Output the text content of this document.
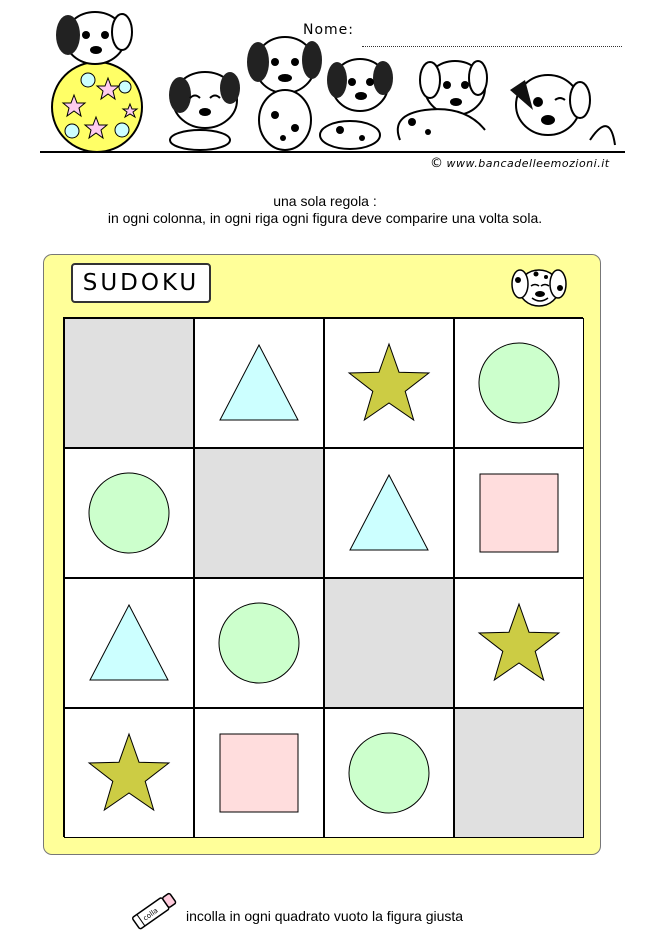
Nome:
© www.bancadelleemozioni.it
una sola regola :
in ogni colonna, in ogni riga ogni figura deve comparire una volta sola.
SUDOKU
colla incolla in ogni quadrato vuoto la figura giusta
